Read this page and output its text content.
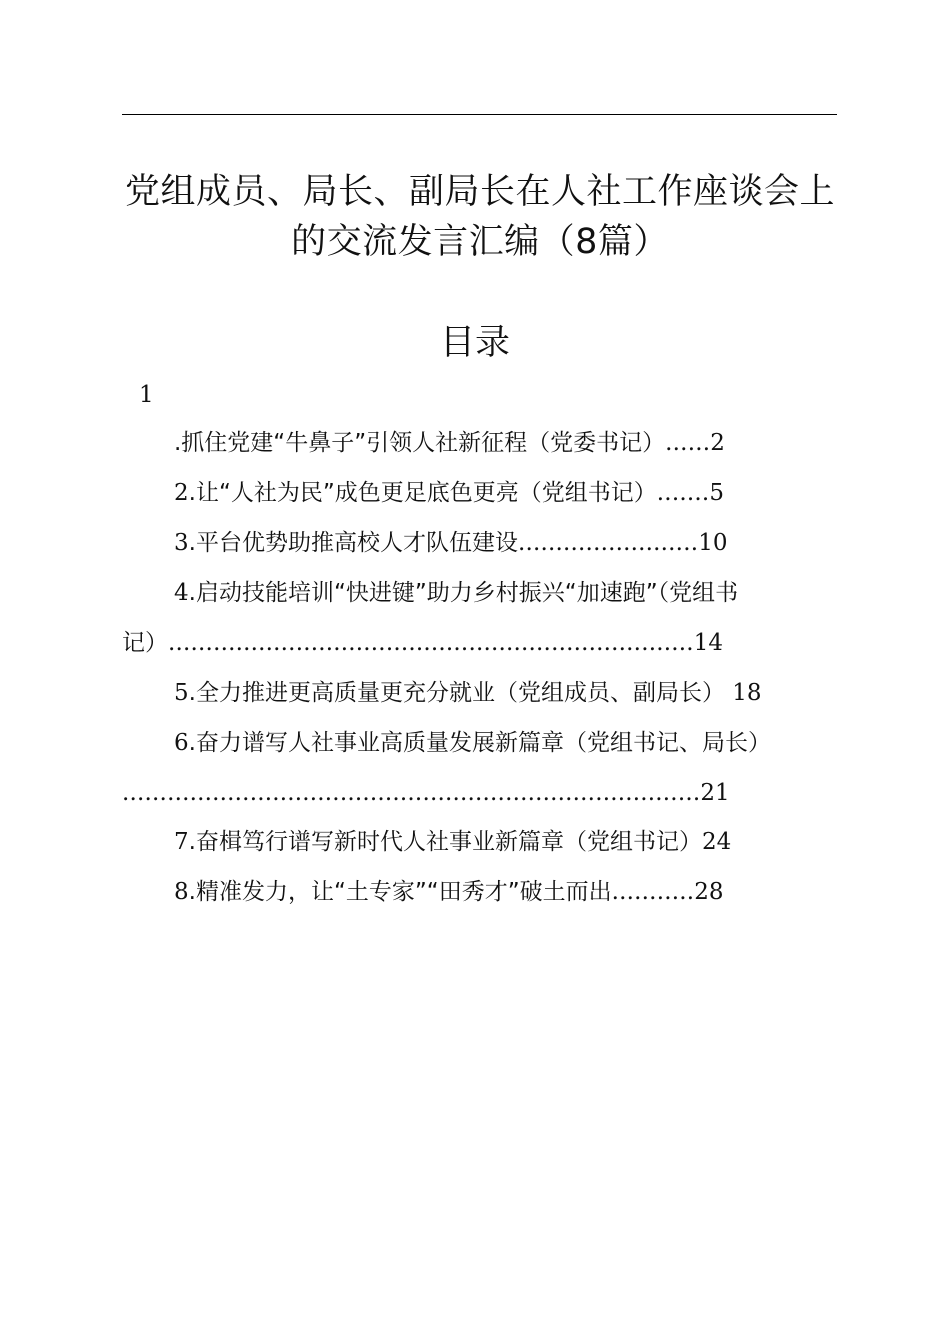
党组成员、局长、副局长在人社工作座谈会上
的交流发言汇编（8篇）
目录
1
.抓住党建“牛鼻子”引领人社新征程（党委书记）......2
2.让“人社为民”成色更足底色更亮（党组书记）.......5
3.平台优势助推高校人才队伍建设........................10
4.启动技能培训“快进键”助力乡村振兴“加速跑”（党组书
记）......................................................................14
5.全力推进更高质量更充分就业（党组成员、副局长） 18
6.奋力谱写人社事业高质量发展新篇章（党组书记、局长）
.............................................................................21
7.奋楫笃行谱写新时代人社事业新篇章（党组书记）24
8.精准发力，让“土专家”“田秀才”破土而出...........28
